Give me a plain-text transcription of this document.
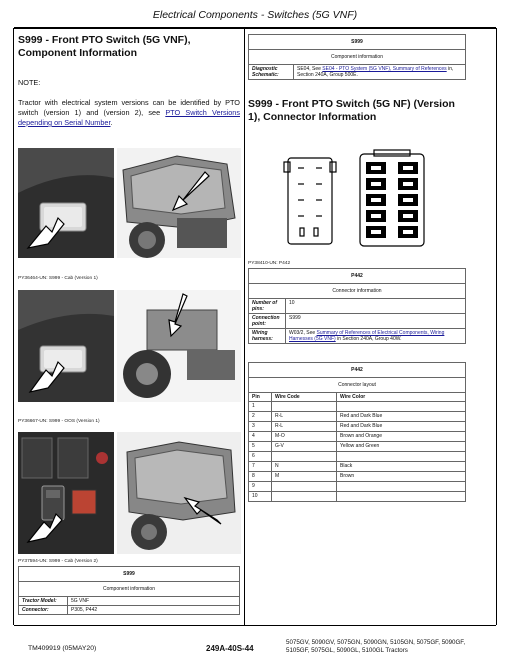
Electrical Components - Switches (5G VNF)
S999 - Front PTO Switch (5G VNF), Component Information
NOTE:
Tractor with electrical system versions can be identified by PTO switch (version 1) and (version 2), see PTO Switch Versions depending on Serial Number.
PY36464-UN: S999 - Cab (Version 1)
PY36667-UN: S999 - OOS (Version 1)
PY37594-UN: S999 - Cab (Version 2)
S999	
Component information	
Tractor Model:	5G VNF
Connector:	P305, P442
S999
Component information
Diagnostic Schematic:	SE04, See SE04 - PTO System (5G VNF), Summary of References in, Section 240A, Group 500E.
S999 - Front PTO Switch (5G NF) (Version 1), Connector Information
PY38410-UN: P442
P442	
Connector information	
Number of pins:	10
Connection point:	S999
Wiring harness:	W03/2, See Summary of References of Electrical Components, Wiring Harnesses (5G VNF) in Section 240A, Group 40W.
P442		
Connector layout		
Pin	Wire Code	Wire Color
1		
2	R-L	Red and Dark Blue
3	R-L	Red and Dark Blue
4	M-O	Brown and Orange
5	G-V	Yellow and Green
6		
7	N	Black
8	M	Brown
9		
10		
TM409919 (05MAY20)	249A-40S-44
5075GV, 5090GV, 5075GN, 5090GN, 5105GN, 5075GF, 5090GF, 5105GF, 5075GL, 5090GL, 5100GL Tractors
